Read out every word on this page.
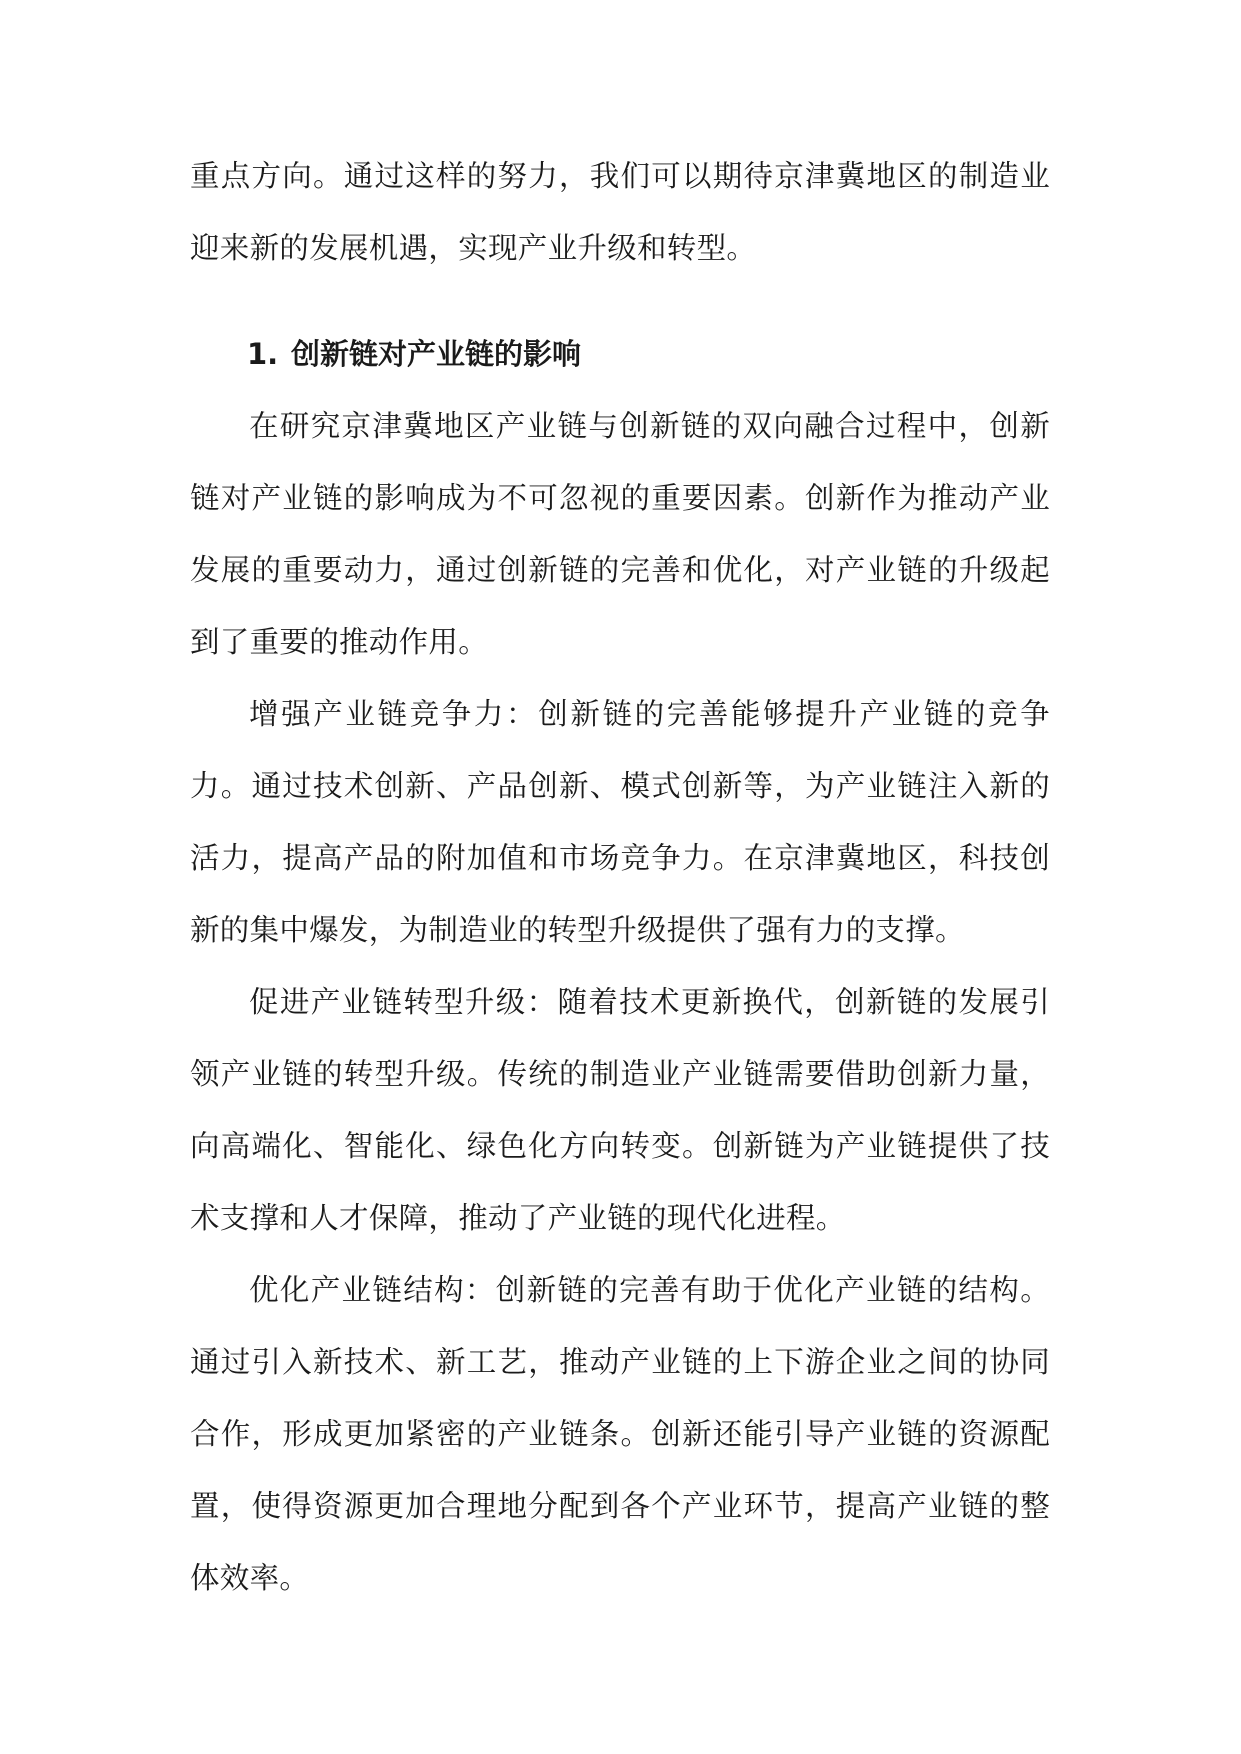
重点方向。通过这样的努力，我们可以期待京津冀地区的制造业迎来新的发展机遇，实现产业升级和转型。

1. 创新链对产业链的影响

在研究京津冀地区产业链与创新链的双向融合过程中，创新链对产业链的影响成为不可忽视的重要因素。创新作为推动产业发展的重要动力，通过创新链的完善和优化，对产业链的升级起到了重要的推动作用。

增强产业链竞争力：创新链的完善能够提升产业链的竞争力。通过技术创新、产品创新、模式创新等，为产业链注入新的活力，提高产品的附加值和市场竞争力。在京津冀地区，科技创新的集中爆发，为制造业的转型升级提供了强有力的支撑。

促进产业链转型升级：随着技术更新换代，创新链的发展引领产业链的转型升级。传统的制造业产业链需要借助创新力量，向高端化、智能化、绿色化方向转变。创新链为产业链提供了技术支撑和人才保障，推动了产业链的现代化进程。

优化产业链结构：创新链的完善有助于优化产业链的结构。通过引入新技术、新工艺，推动产业链的上下游企业之间的协同合作，形成更加紧密的产业链条。创新还能引导产业链的资源配置，使得资源更加合理地分配到各个产业环节，提高产业链的整体效率。
